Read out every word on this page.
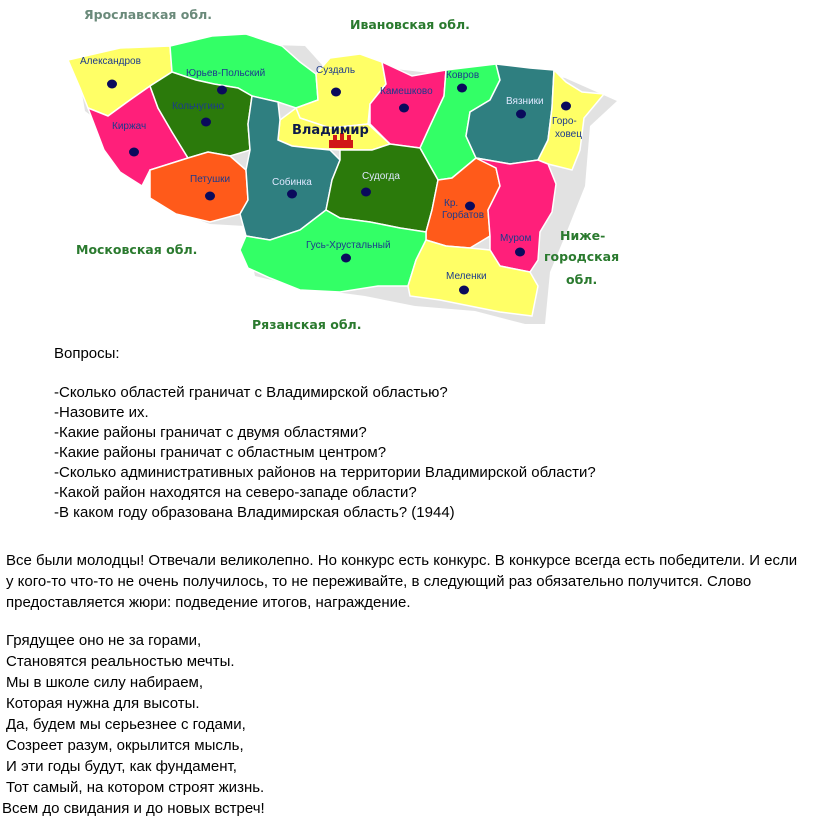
Ярославская обл.
Ивановская обл.
Московская обл.
Рязанская обл.
Нижe-
городская
обл.
Владимир
Александров
Юрьев-Польский	Суздаль
Камешково
Ковров
Вязники
Горо-
ховец
Кольчугино
Киржач
Петушки	Собинка
Судогда
Кр.
Горбатов
Муром
Гусь-Хрустальный
Меленки
Вопросы:
-Сколько областей граничат с Владимирской областью?
-Назовите их.
-Какие районы граничат с двумя областями?
-Какие районы граничат с областным центром?
-Сколько административных районов на территории Владимирской области?
-Какой район находятся на северо-западе области?
-В каком году образована Владимирская область? (1944)
Все были молодцы! Отвечали великолепно. Но конкурс есть конкурс. В конкурсе всегда есть победители. И если
у кого-то что-то не очень получилось, то не переживайте, в следующий раз обязательно получится. Слово
предоставляется жюри: подведение итогов, награждение.
Грядущее оно не за горами,
Становятся реальностью мечты.
Мы в школе силу набираем,
Которая нужна для высоты.
Да, будем мы серьезнее с годами,
Созреет разум, окрылится мысль,
И эти годы будут, как фундамент,
Тот самый, на котором строят жизнь.
Всем до свидания и до новых встреч!
